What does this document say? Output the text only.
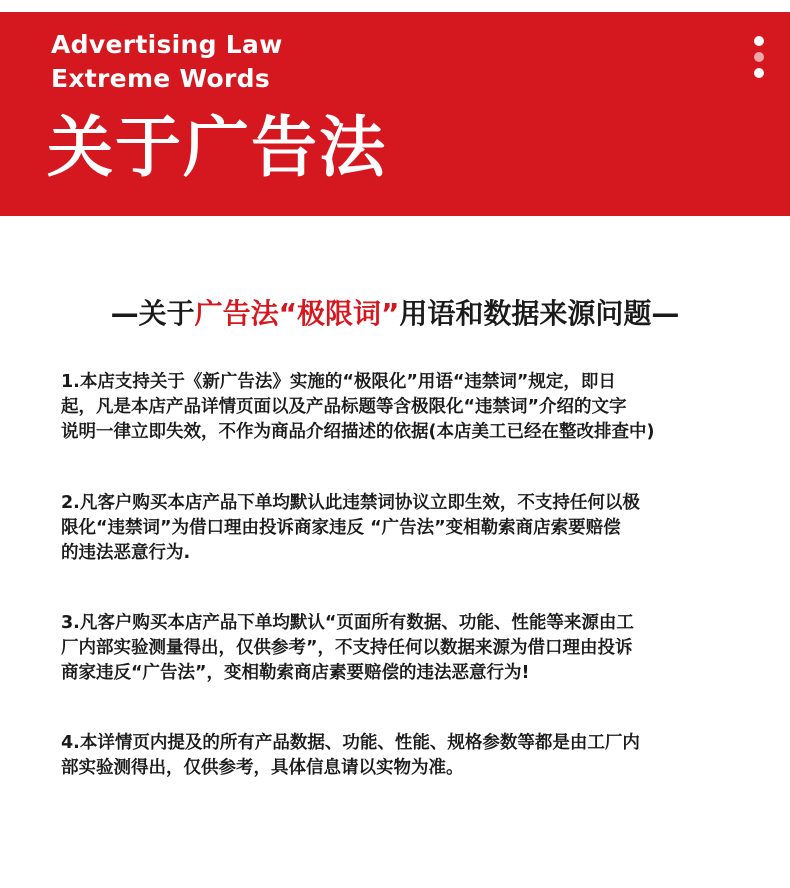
Advertising Law
Extreme Words
关于广告法
—关于广告法“极限词”用语和数据来源问题—
1.本店支持关于《新广告法》实施的“极限化”用语“违禁词”规定，即日
起，凡是本店产品详情页面以及产品标题等含极限化“违禁词”介绍的文字
说明一律立即失效，不作为商品介绍描述的依据(本店美工已经在整改排查中)
2.凡客户购买本店产品下单均默认此违禁词协议立即生效，不支持任何以极
限化“违禁词”为借口理由投诉商家违反 “广告法”变相勒索商店索要赔偿
的违法恶意行为.
3.凡客户购买本店产品下单均默认“页面所有数据、功能、性能等来源由工
厂内部实验测量得出，仅供参考”，不支持任何以数据来源为借口理由投诉
商家违反“广告法”，变相勒索商店素要赔偿的违法恶意行为!
4.本详情页内提及的所有产品数据、功能、性能、规格参数等都是由工厂内
部实验测得出，仅供参考，具体信息请以实物为准。
